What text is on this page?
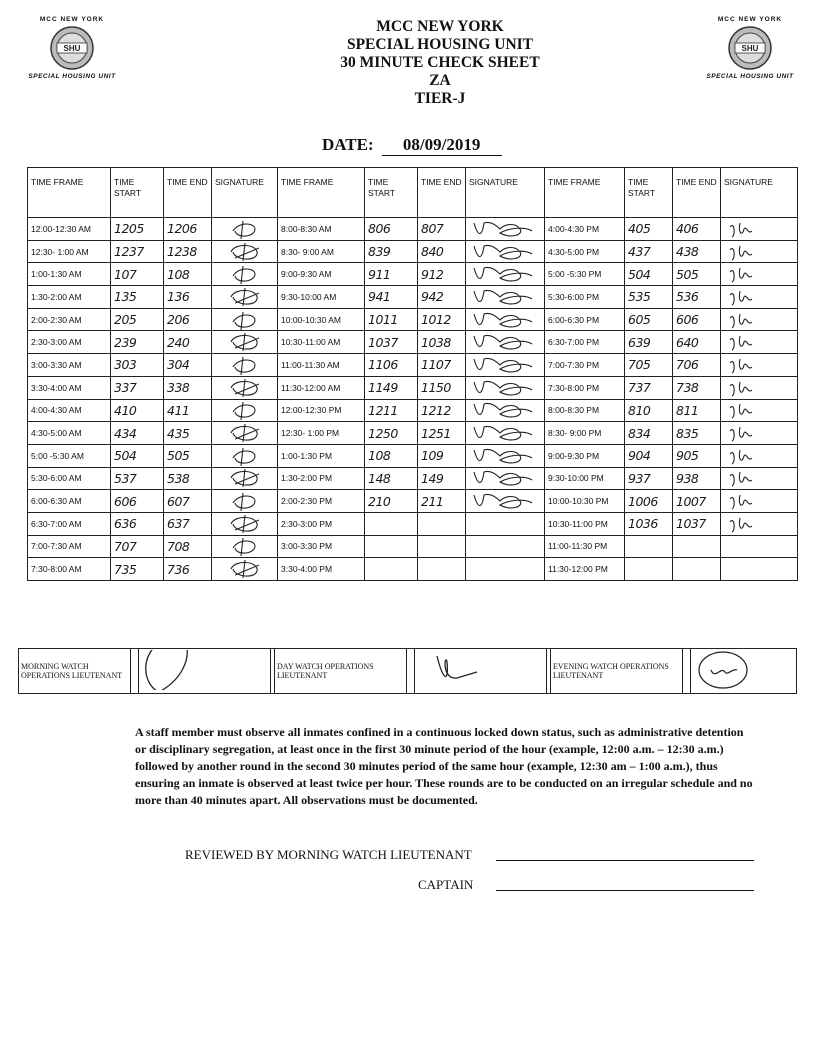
MCC NEW YORK
SHU
SPECIAL HOUSING UNIT
MCC NEW YORK
SHU
SPECIAL HOUSING UNIT
MCC NEW YORK
SPECIAL HOUSING UNIT
30 MINUTE CHECK SHEET
ZA
TIER-J
DATE: 08/09/2019
TIME FRAME	TIME START	TIME END	SIGNATURE	TIME FRAME	TIME START	TIME END	SIGNATURE	TIME FRAME	TIME START	TIME END	SIGNATURE
12:00-12:30 AM	1205	1206		8:00-8:30 AM	806	807		4:00-4:30 PM	405	406	

12:30- 1:00 AM	1237	1238		8:30- 9:00 AM	839	840		4:30-5:00 PM	437	438	

1:00-1:30 AM	107	108		9:00-9:30 AM	911	912		5:00 -5:30 PM	504	505	

1:30-2:00 AM	135	136		9:30-10:00 AM	941	942		5:30-6:00 PM	535	536	

2:00-2:30 AM	205	206		10:00-10:30 AM	1011	1012		6:00-6:30 PM	605	606	

2:30-3:00 AM	239	240		10:30-11:00 AM	1037	1038		6:30-7:00 PM	639	640	

3:00-3:30 AM	303	304		11:00-11:30 AM	1106	1107		7:00-7:30 PM	705	706	

3:30-4:00 AM	337	338		11:30-12:00 AM	1149	1150		7:30-8:00 PM	737	738	

4:00-4:30 AM	410	411		12:00-12:30 PM	1211	1212		8:00-8:30 PM	810	811	

4:30-5:00 AM	434	435		12:30- 1:00 PM	1250	1251		8:30- 9:00 PM	834	835	

5:00 -5:30 AM	504	505		1:00-1:30 PM	108	109		9:00-9:30 PM	904	905	

5:30-6:00 AM	537	538		1:30-2:00 PM	148	149		9:30-10:00 PM	937	938	

6:00-6:30 AM	606	607		2:00-2:30 PM	210	211		10:00-10:30 PM	1006	1007	

6:30-7:00 AM	636	637		2:30-3:00 PM				10:30-11:00 PM	1036	1037	

7:00-7:30 AM	707	708		3:00-3:30 PM				11:00-11:30 PM			
7:30-8:00 AM	735	736		3:30-4:00 PM				11:30-12:00 PM			
MORNING WATCH OPERATIONS LIEUTENANT				DAY WATCH OPERATIONS LIEUTENANT				EVENING WATCH OPERATIONS LIEUTENANT		
A staff member must observe all inmates confined in a continuous locked down status, such as administrative detention or disciplinary segregation, at least once in the first 30 minute period of the hour (example, 12:00 a.m. – 12:30 a.m.) followed by another round in the second 30 minutes period of the same hour (example, 12:30 am – 1:00 a.m.), thus ensuring an inmate is observed at least twice per hour. These rounds are to be conducted on an irregular schedule and no more than 40 minutes apart. All observations must be documented.
REVIEWED BY MORNING WATCH LIEUTENANT
CAPTAIN
